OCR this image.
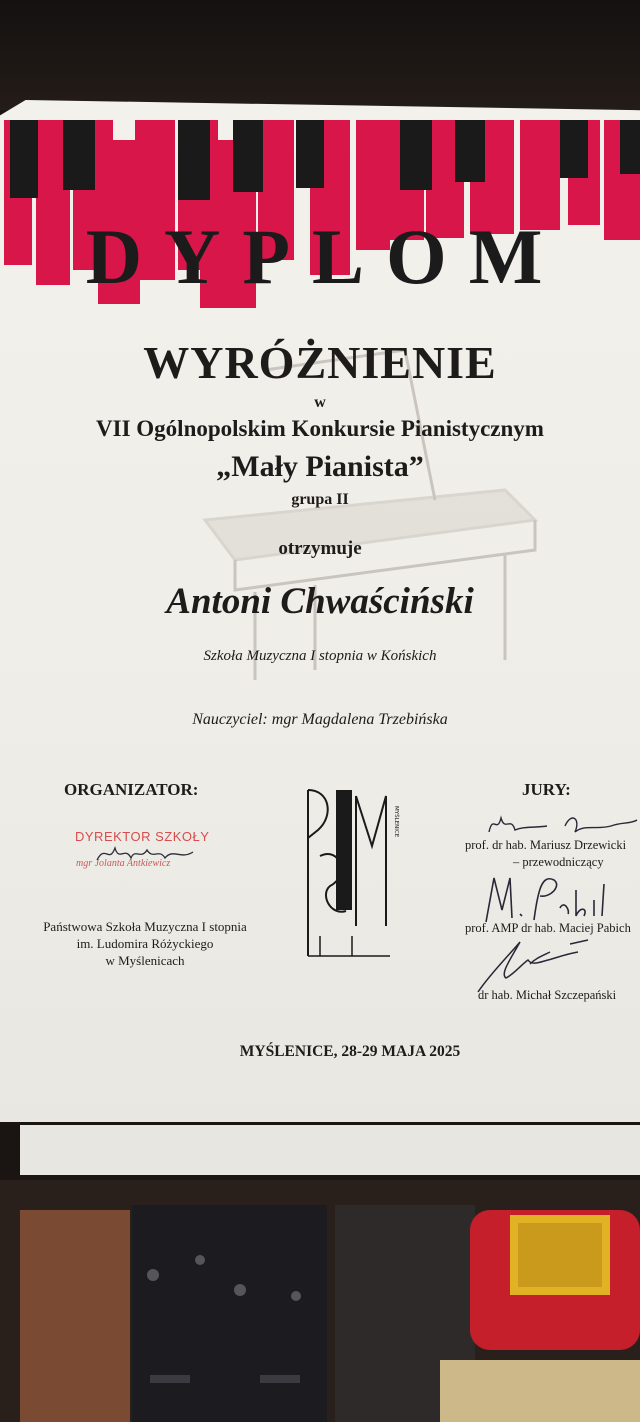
DYPLOM
WYRÓŻNIENIE
w
VII Ogólnopolskim Konkursie Pianistycznym
„Mały Pianista”
grupa II
otrzymuje
Antoni Chwaściński
Szkoła Muzyczna I stopnia w Końskich
Nauczyciel: mgr Magdalena Trzebińska
ORGANIZATOR:	JURY:
DYREKTOR SZKOŁY
mgr Jolanta Antkiewicz
Państwowa Szkoła Muzyczna I stopnia
im. Ludomira Różyckiego
w Myślenicach
MYŚLENICE
prof. dr hab. Mariusz Drzewicki
– przewodniczący
prof. AMP dr hab. Maciej Pabich
dr hab. Michał Szczepański
MYŚLENICE, 28-29 MAJA 2025
